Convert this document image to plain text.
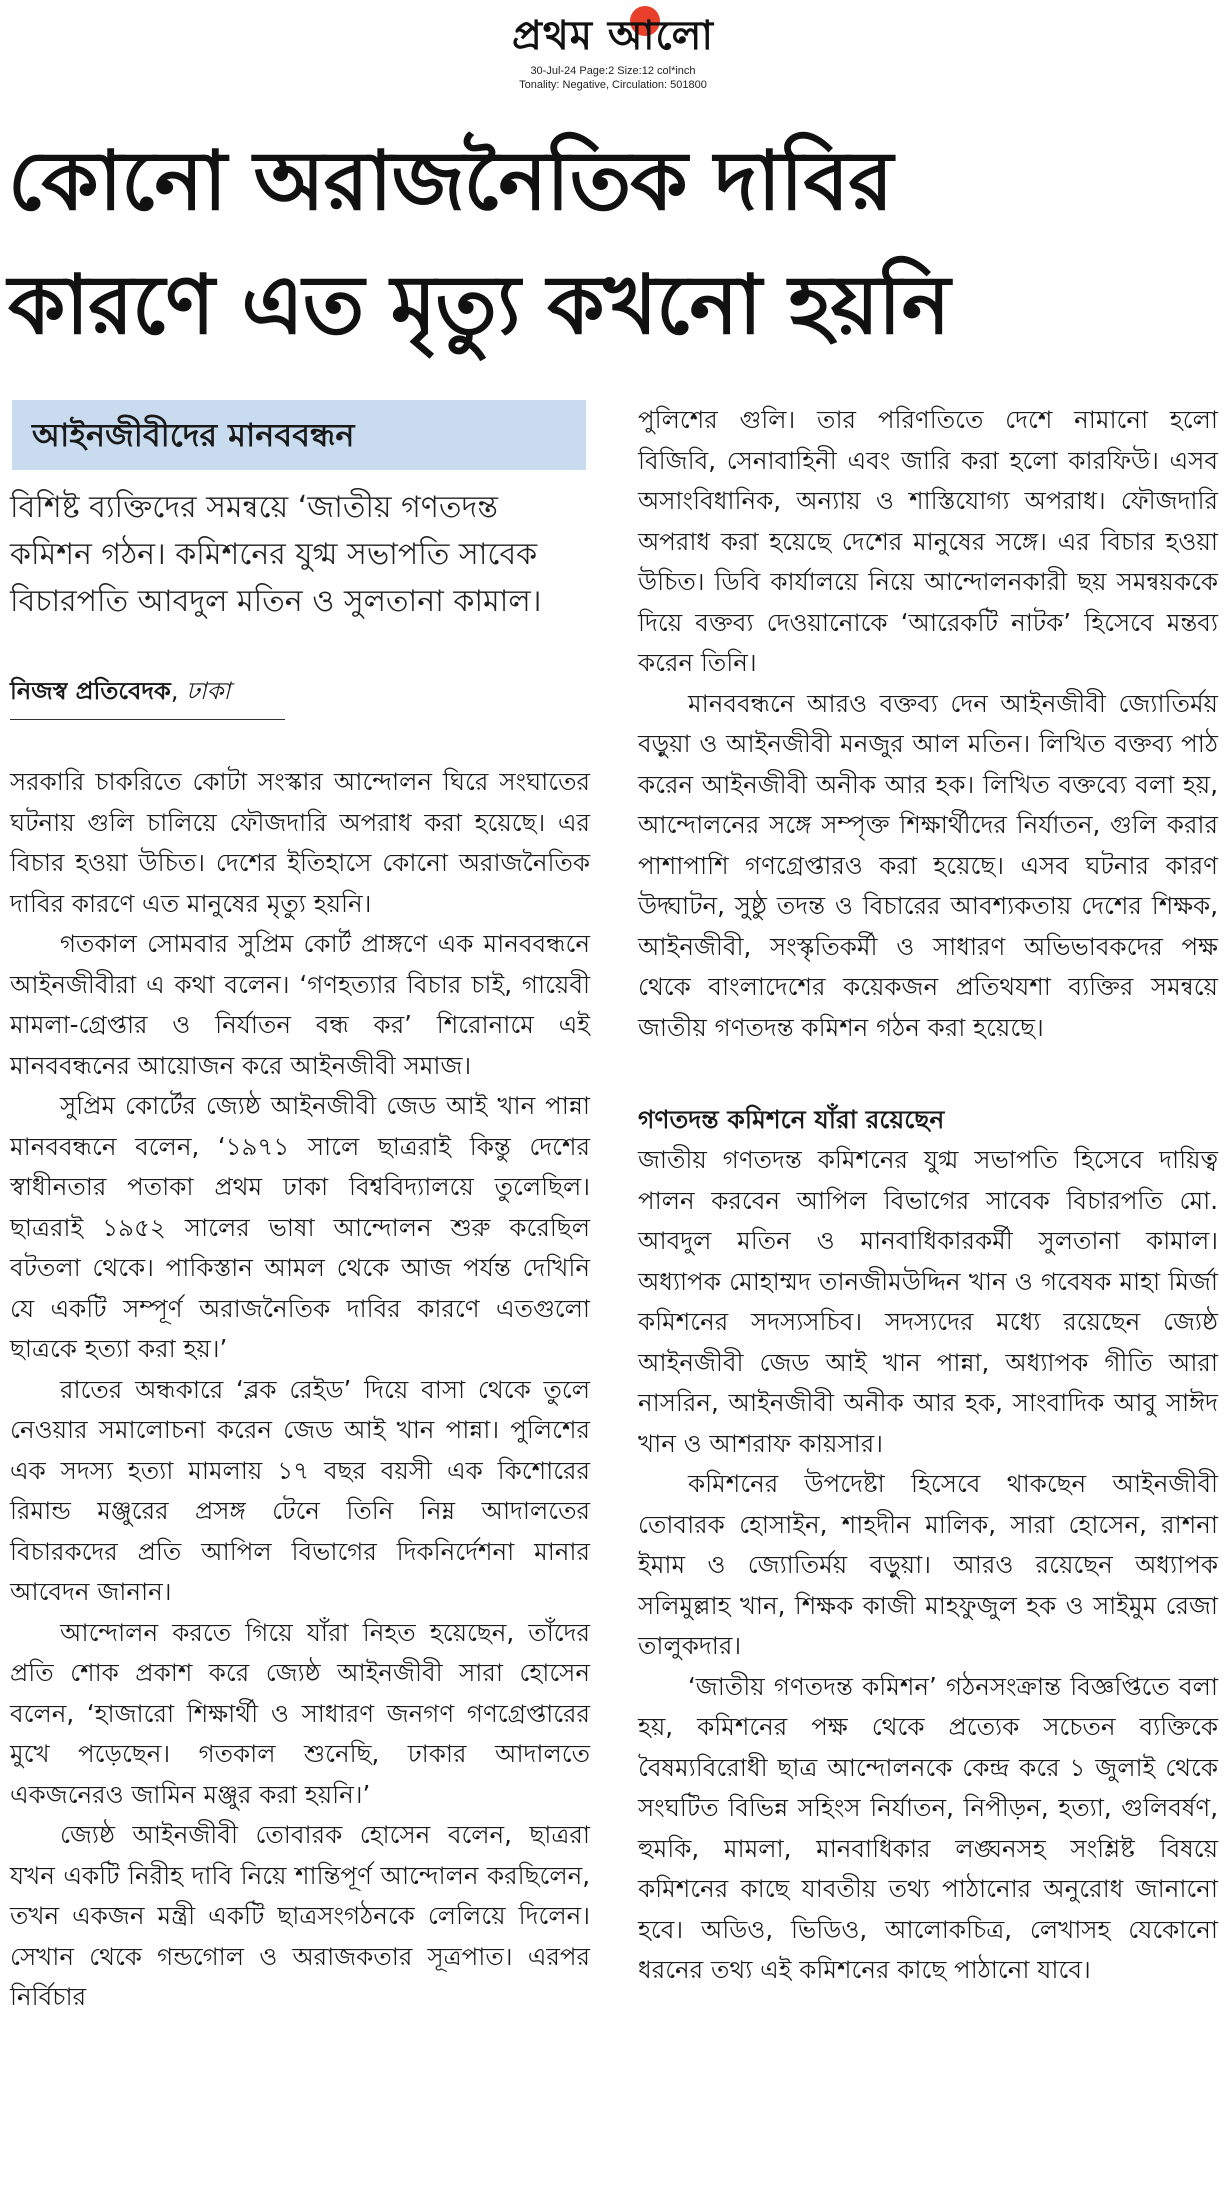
প্রথম আলো
30-Jul-24 Page:2 Size:12 col*inch
Tonality: Negative, Circulation: 501800
কোনো অরাজনৈতিক দাবির
কারণে এত মৃত্যু কখনো হয়নি
আইনজীবীদের মানববন্ধন
বিশিষ্ট ব্যক্তিদের সমন্বয়ে ‘জাতীয় গণতদন্ত কমিশন গঠন। কমিশনের যুগ্ম সভাপতি সাবেক বিচারপতি আবদুল মতিন ও সুলতানা কামাল।
নিজস্ব প্রতিবেদক, ঢাকা

সরকারি চাকরিতে কোটা সংস্কার আন্দোলন ঘিরে সংঘাতের ঘটনায় গুলি চালিয়ে ফৌজদারি অপরাধ করা হয়েছে। এর বিচার হওয়া উচিত। দেশের ইতিহাসে কোনো অরাজনৈতিক দাবির কারণে এত মানুষের মৃত্যু হয়নি।

গতকাল সোমবার সুপ্রিম কোর্ট প্রাঙ্গণে এক মানববন্ধনে আইনজীবীরা এ কথা বলেন। ‘গণহত্যার বিচার চাই, গায়েবী মামলা-গ্রেপ্তার ও নির্যাতন বন্ধ কর’ শিরোনামে এই মানববন্ধনের আয়োজন করে আইনজীবী সমাজ।

সুপ্রিম কোর্টের জ্যেষ্ঠ আইনজীবী জেড আই খান পান্না মানববন্ধনে বলেন, ‘১৯৭১ সালে ছাত্ররাই কিন্তু দেশের স্বাধীনতার পতাকা প্রথম ঢাকা বিশ্ববিদ্যালয়ে তুলেছিল। ছাত্ররাই ১৯৫২ সালের ভাষা আন্দোলন শুরু করেছিল বটতলা থেকে। পাকিস্তান আমল থেকে আজ পর্যন্ত দেখিনি যে একটি সম্পূর্ণ অরাজনৈতিক দাবির কারণে এতগুলো ছাত্রকে হত্যা করা হয়।’

রাতের অন্ধকারে ‘ব্লক রেইড’ দিয়ে বাসা থেকে তুলে নেওয়ার সমালোচনা করেন জেড আই খান পান্না। পুলিশের এক সদস্য হত্যা মামলায় ১৭ বছর বয়সী এক কিশোরের রিমান্ড মঞ্জুরের প্রসঙ্গ টেনে তিনি নিম্ন আদালতের বিচারকদের প্রতি আপিল বিভাগের দিকনির্দেশনা মানার আবেদন জানান।

আন্দোলন করতে গিয়ে যাঁরা নিহত হয়েছেন, তাঁদের প্রতি শোক প্রকাশ করে জ্যেষ্ঠ আইনজীবী সারা হোসেন বলেন, ‘হাজারো শিক্ষার্থী ও সাধারণ জনগণ গণগ্রেপ্তারের মুখে পড়েছেন। গতকাল শুনেছি, ঢাকার আদালতে একজনেরও জামিন মঞ্জুর করা হয়নি।’

জ্যেষ্ঠ আইনজীবী তোবারক হোসেন বলেন, ছাত্ররা যখন একটি নিরীহ দাবি নিয়ে শান্তিপূর্ণ আন্দোলন করছিলেন, তখন একজন মন্ত্রী একটি ছাত্রসংগঠনকে লেলিয়ে দিলেন। সেখান থেকে গন্ডগোল ও অরাজকতার সূত্রপাত। এরপর নির্বিচার

পুলিশের গুলি। তার পরিণতিতে দেশে নামানো হলো বিজিবি, সেনাবাহিনী এবং জারি করা হলো কারফিউ। এসব অসাংবিধানিক, অন্যায় ও শাস্তিযোগ্য অপরাধ। ফৌজদারি অপরাধ করা হয়েছে দেশের মানুষের সঙ্গে। এর বিচার হওয়া উচিত। ডিবি কার্যালয়ে নিয়ে আন্দোলনকারী ছয় সমন্বয়ককে দিয়ে বক্তব্য দেওয়ানোকে ‘আরেকটি নাটক’ হিসেবে মন্তব্য করেন তিনি।

মানববন্ধনে আরও বক্তব্য দেন আইনজীবী জ্যোতির্ময় বড়ুয়া ও আইনজীবী মনজুর আল মতিন। লিখিত বক্তব্য পাঠ করেন আইনজীবী অনীক আর হক। লিখিত বক্তব্যে বলা হয়, আন্দোলনের সঙ্গে সম্পৃক্ত শিক্ষার্থীদের নির্যাতন, গুলি করার পাশাপাশি গণগ্রেপ্তারও করা হয়েছে। এসব ঘটনার কারণ উদ্ঘাটন, সুষ্ঠু তদন্ত ও বিচারের আবশ্যকতায় দেশের শিক্ষক, আইনজীবী, সংস্কৃতিকর্মী ও সাধারণ অভিভাবকদের পক্ষ থেকে বাংলাদেশের কয়েকজন প্রতিথযশা ব্যক্তির সমন্বয়ে জাতীয় গণতদন্ত কমিশন গঠন করা হয়েছে।

গণতদন্ত কমিশনে যাঁরা রয়েছেন

জাতীয় গণতদন্ত কমিশনের যুগ্ম সভাপতি হিসেবে দায়িত্ব পালন করবেন আপিল বিভাগের সাবেক বিচারপতি মো. আবদুল মতিন ও মানবাধিকারকর্মী সুলতানা কামাল। অধ্যাপক মোহাম্মদ তানজীমউদ্দিন খান ও গবেষক মাহা মির্জা কমিশনের সদস্যসচিব। সদস্যদের মধ্যে রয়েছেন জ্যেষ্ঠ আইনজীবী জেড আই খান পান্না, অধ্যাপক গীতি আরা নাসরিন, আইনজীবী অনীক আর হক, সাংবাদিক আবু সাঈদ খান ও আশরাফ কায়সার।

কমিশনের উপদেষ্টা হিসেবে থাকছেন আইনজীবী তোবারক হোসাইন, শাহদীন মালিক, সারা হোসেন, রাশনা ইমাম ও জ্যোতির্ময় বড়ুয়া। আরও রয়েছেন অধ্যাপক সলিমুল্লাহ খান, শিক্ষক কাজী মাহফুজুল হক ও সাইমুম রেজা তালুকদার।

‘জাতীয় গণতদন্ত কমিশন’ গঠনসংক্রান্ত বিজ্ঞপ্তিতে বলা হয়, কমিশনের পক্ষ থেকে প্রত্যেক সচেতন ব্যক্তিকে বৈষম্যবিরোধী ছাত্র আন্দোলনকে কেন্দ্র করে ১ জুলাই থেকে সংঘটিত বিভিন্ন সহিংস নির্যাতন, নিপীড়ন, হত্যা, গুলিবর্ষণ, হুমকি, মামলা, মানবাধিকার লঙ্ঘনসহ সংশ্লিষ্ট বিষয়ে কমিশনের কাছে যাবতীয় তথ্য পাঠানোর অনুরোধ জানানো হবে। অডিও, ভিডিও, আলোকচিত্র, লেখাসহ যেকোনো ধরনের তথ্য এই কমিশনের কাছে পাঠানো যাবে।
